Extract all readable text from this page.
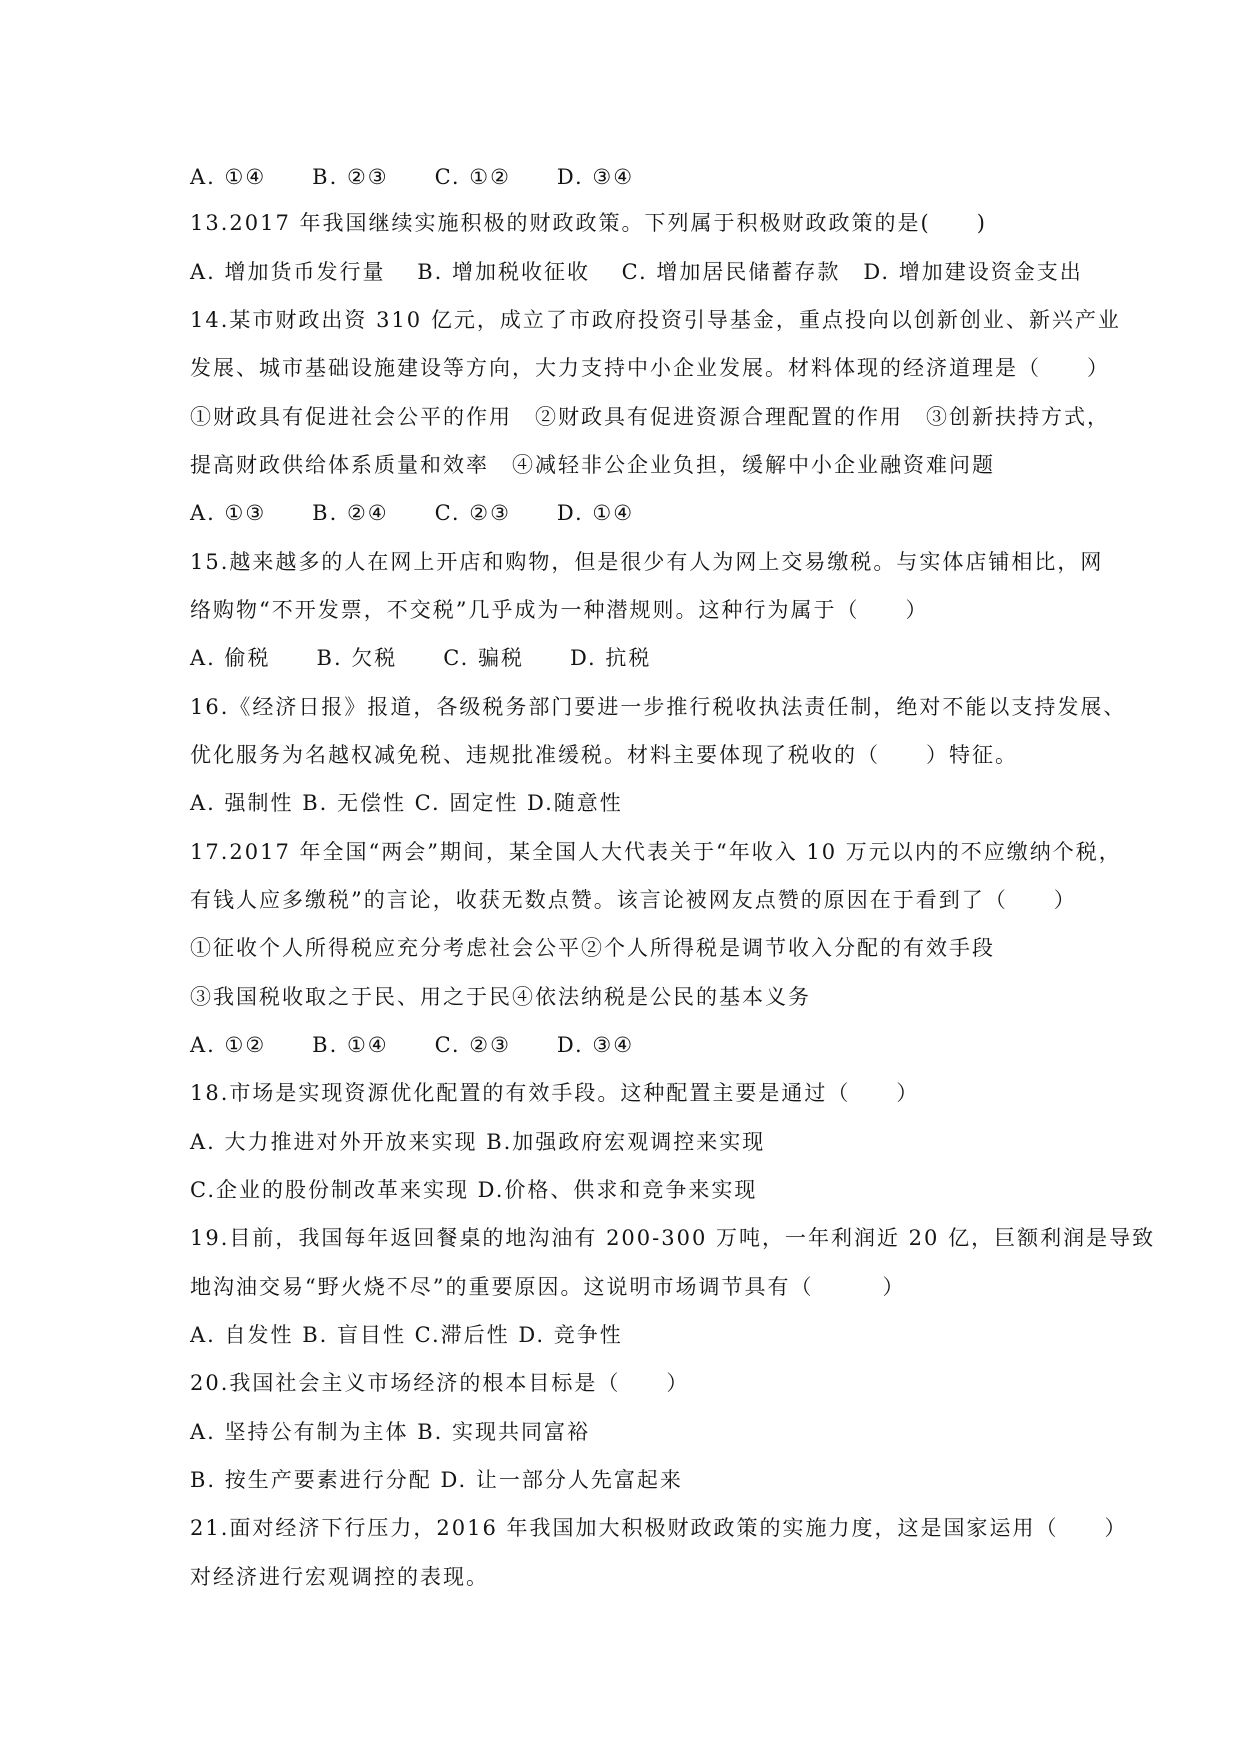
A. ①④　　B. ②③　　C. ①②　　D. ③④
13.2017 年我国继续实施积极的财政政策。下列属于积极财政政策的是(　　)
A. 增加货币发行量　 B. 增加税收征收　 C. 增加居民储蓄存款　D. 增加建设资金支出
14.某市财政出资 310 亿元，成立了市政府投资引导基金，重点投向以创新创业、新兴产业
发展、城市基础设施建设等方向，大力支持中小企业发展。材料体现的经济道理是（　　）
①财政具有促进社会公平的作用　②财政具有促进资源合理配置的作用　③创新扶持方式，
提高财政供给体系质量和效率　④减轻非公企业负担，缓解中小企业融资难问题
A. ①③　　B. ②④　　C. ②③　　D. ①④
15.越来越多的人在网上开店和购物，但是很少有人为网上交易缴税。与实体店铺相比，网
络购物“不开发票，不交税”几乎成为一种潜规则。这种行为属于（　　）
A. 偷税　　B. 欠税　　C. 骗税　　D. 抗税
16.《经济日报》报道，各级税务部门要进一步推行税收执法责任制，绝对不能以支持发展、
优化服务为名越权减免税、违规批准缓税。材料主要体现了税收的（　　）特征。
A. 强制性 B. 无偿性 C. 固定性 D.随意性
17.2017 年全国“两会”期间，某全国人大代表关于“年收入 10 万元以内的不应缴纳个税，
有钱人应多缴税”的言论，收获无数点赞。该言论被网友点赞的原因在于看到了（　　）
①征收个人所得税应充分考虑社会公平②个人所得税是调节收入分配的有效手段
③我国税收取之于民、用之于民④依法纳税是公民的基本义务
A. ①②　　B. ①④　　C. ②③　　D. ③④
18.市场是实现资源优化配置的有效手段。这种配置主要是通过（　　）
A. 大力推进对外开放来实现 B.加强政府宏观调控来实现
C.企业的股份制改革来实现 D.价格、供求和竞争来实现
19.目前，我国每年返回餐桌的地沟油有 200-300 万吨，一年利润近 20 亿，巨额利润是导致
地沟油交易“野火烧不尽”的重要原因。这说明市场调节具有（　　　）
A. 自发性 B. 盲目性 C.滞后性 D. 竞争性
20.我国社会主义市场经济的根本目标是（　　）
A. 坚持公有制为主体 B. 实现共同富裕
B. 按生产要素进行分配 D. 让一部分人先富起来
21.面对经济下行压力，2016 年我国加大积极财政政策的实施力度，这是国家运用（　　）
对经济进行宏观调控的表现。
